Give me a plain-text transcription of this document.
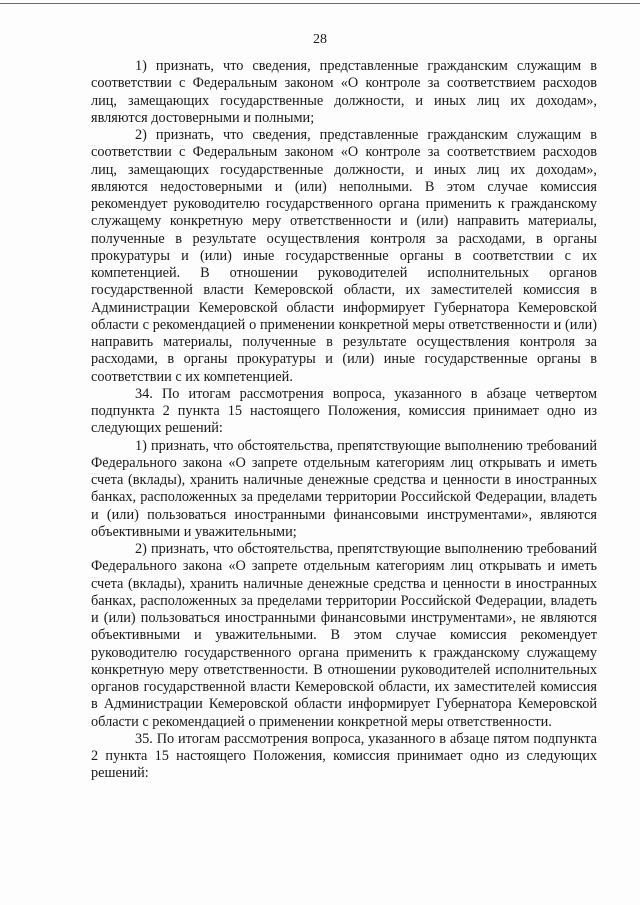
28

1) признать, что сведения, представленные гражданским служащим в соответствии с Федеральным законом «О контроле за соответствием расходов лиц, замещающих государственные должности, и иных лиц их доходам», являются достоверными и полными;

2) признать, что сведения, представленные гражданским служащим в соответствии с Федеральным законом «О контроле за соответствием расходов лиц, замещающих государственные должности, и иных лиц их доходам», являются недостоверными и (или) неполными. В этом случае комиссия рекомендует руководителю государственного органа применить к гражданскому служащему конкретную меру ответственности и (или) направить материалы, полученные в результате осуществления контроля за расходами, в органы прокуратуры и (или) иные государственные органы в соответствии с их компетенцией. В отношении руководителей исполнительных органов государственной власти Кемеровской области, их заместителей комиссия в Администрации Кемеровской области информирует Губернатора Кемеровской области с рекомендацией о применении конкретной меры ответственности и (или) направить материалы, полученные в результате осуществления контроля за расходами, в органы прокуратуры и (или) иные государственные органы в соответствии с их компетенцией.

34. По итогам рассмотрения вопроса, указанного в абзаце четвертом подпункта 2 пункта 15 настоящего Положения, комиссия принимает одно из следующих решений:

1) признать, что обстоятельства, препятствующие выполнению требований Федерального закона «О запрете отдельным категориям лиц открывать и иметь счета (вклады), хранить наличные денежные средства и ценности в иностранных банках, расположенных за пределами территории Российской Федерации, владеть и (или) пользоваться иностранными финансовыми инструментами», являются объективными и уважительными;

2) признать, что обстоятельства, препятствующие выполнению требований Федерального закона «О запрете отдельным категориям лиц открывать и иметь счета (вклады), хранить наличные денежные средства и ценности в иностранных банках, расположенных за пределами территории Российской Федерации, владеть и (или) пользоваться иностранными финансовыми инструментами», не являются объективными и уважительными. В этом случае комиссия рекомендует руководителю государственного органа применить к гражданскому служащему конкретную меру ответственности. В отношении руководителей исполнительных органов государственной власти Кемеровской области, их заместителей комиссия в Администрации Кемеровской области информирует Губернатора Кемеровской области с рекомендацией о применении конкретной меры ответственности.

35. По итогам рассмотрения вопроса, указанного в абзаце пятом подпункта 2 пункта 15 настоящего Положения, комиссия принимает одно из следующих решений:
